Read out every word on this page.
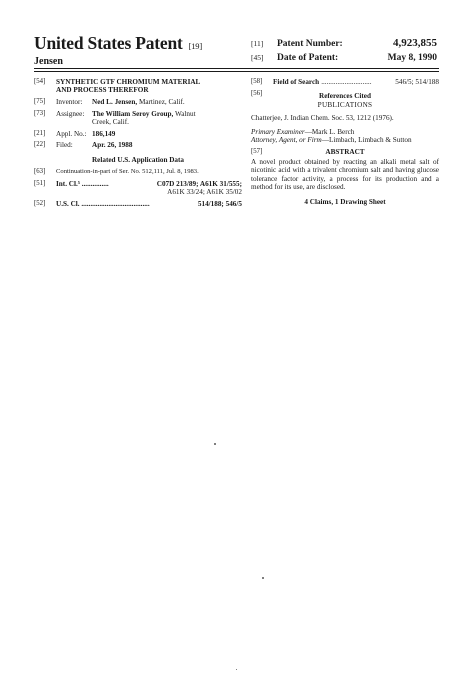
United States Patent [19]
Jensen
[11]	Patent Number:	4,923,855
[45]	Date of Patent:	May 8, 1990
[54]	SYNTHETIC GTF CHROMIUM MATERIAL
AND PROCESS THEREFOR
[75]	Inventor:	Ned L. Jensen, Martinez, Calif.
[73]	Assignee:	The William Seroy Group, Walnut
Creek, Calif.
[21]	Appl. No.: 186,149
[22]	Filed:	Apr. 26, 1988
Related U.S. Application Data
[63]	Continuation-in-part of Ser. No. 512,111, Jul. 8, 1983.
[51]	Int. Cl.⁵ ...............	C07D 213/89; A61K 31/555;
A61K 33/24; A61K 35/02
[52]	U.S. Cl. ......................................	514/188; 546/5
[58]	Field of Search ............................	546/5; 514/188
[56]	References Cited
PUBLICATIONS
Chatterjee, J. Indian Chem. Soc. 53, 1212 (1976).
Primary Examiner—Mark L. Berch
Attorney, Agent, or Firm—Limbach, Limbach & Sutton
[57]	ABSTRACT
A novel product obtained by reacting an alkali metal salt of nicotinic acid with a trivalent chromium salt and having glucose tolerance factor activity, a process for its production and a method for its use, are disclosed.
4 Claims, 1 Drawing Sheet
